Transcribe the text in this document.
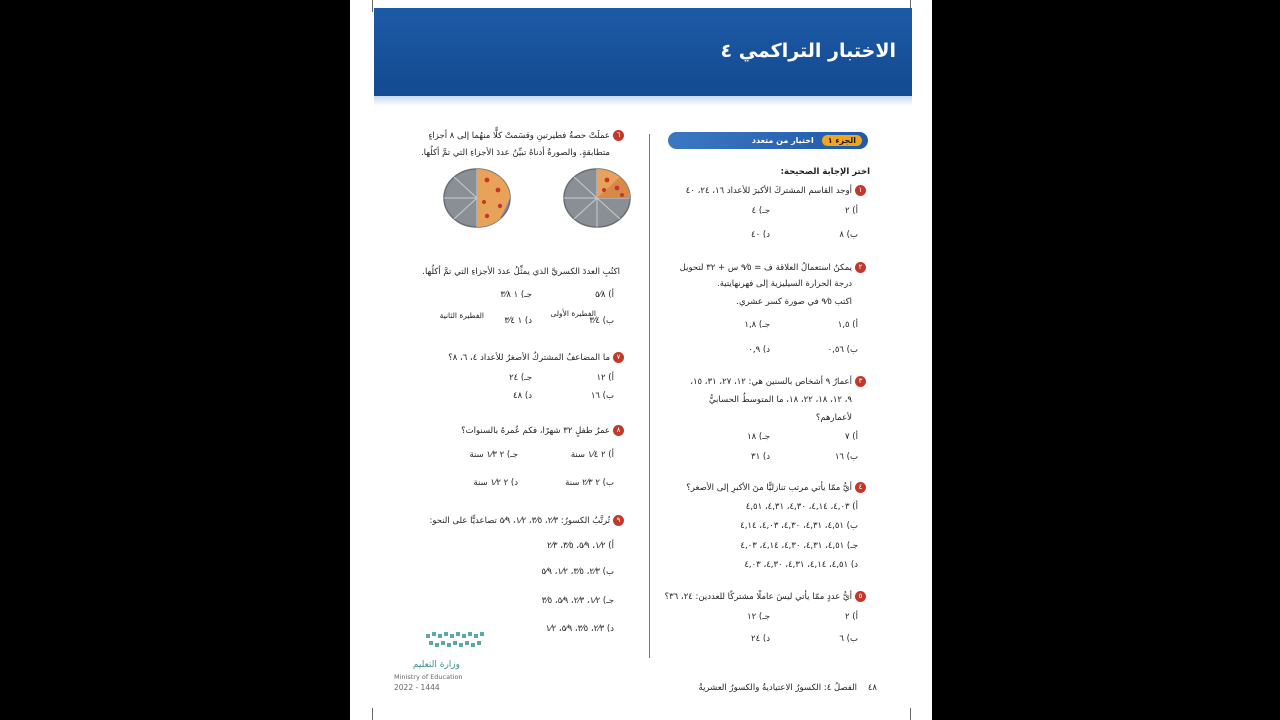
الاختبار التراكمي ٤
الجزء ١
اختيار من متعدد
اختر الإجابة الصحيحة:
١أوجد القاسم المشتركَ الأكبرَ للأعداد ١٦، ٢٤، ٤٠
أ) ٢
جـ) ٤
ب) ٨
د) ٤٠
٢يمكنُ استعمالُ العلاقة ف = ٩⁄٥ س + ٣٢ لتحويل
درجة الحرارة السيليزية إلى فهرنهايتية.
اكتب ٩⁄٥ في صورة كسر عشري.
أ) ١,٥
جـ) ١,٨
ب) ٠,٥٦
د) ٠,٩
٣أعمارُ ٩ أشخاص بالسنين هي: ١٢، ٢٧، ٣١، ١٥،
٩، ١٢، ١٨، ٢٢، ١٨، ما المتوسطُ الحسابيُّ
لأعمارهم؟
أ) ٧
جـ) ١٨
ب) ١٦
د) ٣١
٤أيُّ ممّا يأتي مرتب تنازليًّا منَ الأكبرِ إلى الأصغر؟
أ) ٤,٠٣، ٤,١٤، ٤,٣٠، ٤,٣١، ٤,٥١
ب) ٤,٥١، ٤,٣١، ٤,٣٠، ٤,٠٣، ٤,١٤
جـ) ٤,٥١، ٤,٣١، ٤,٣٠، ٤,١٤، ٤,٠٣
د) ٤,٥١، ٤,١٤، ٤,٣١، ٤,٣٠، ٤,٠٣
٥أيُّ عددٍ ممّا يأتي ليسَ عاملًا مشتركًا للعددين: ٢٤، ٣٦؟
أ) ٢
جـ) ١٢
ب) ٦
د) ٢٤
٦عملَتْ حصةُ فطيرتينِ وقسَمتْ كلًّا منهُما إلى ٨ أجزاءٍ
متطابقةٍ. والصورةُ أدناهُ تبيِّنُ عددَ الأجزاءِ التي تمَّ أكلُها.
اكتُبِ العددَ الكسريَّ الذي يمثِّلُ عددَ الأجزاءِ التي تمَّ أكلُها.
أ) ٥⁄٨
جـ) ١ ٣⁄٨
ب) ٣⁄٤
د) ١ ٣⁄٤
الفطيرة الأولى
الفطيرة الثانية
٧ما المضاعفُ المشتركُ الأصغرُ للأعداد ٤، ٦، ٨؟
أ) ١٢
جـ) ٢٤
ب) ١٦
د) ٤٨
٨عمرُ طفلٍ ٣٢ شهرًا، فكم عُمرهُ بالسنوات؟
أ) ٢ ١⁄٤ سنة
جـ) ٢ ١⁄٣ سنة
ب) ٢ ٢⁄٣ سنة
د) ٢ ١⁄٢ سنة
٩تُرتَّبُ الكسورُ: ٢⁄٣، ٣⁄٥، ١⁄٢، ٥⁄٩ تصاعديًّا على النحو:
أ) ١⁄٢، ٥⁄٩، ٣⁄٥، ٢⁄٣
ب) ٢⁄٣، ٣⁄٥، ١⁄٢، ٥⁄٩
جـ) ١⁄٢، ٢⁄٣، ٥⁄٩، ٣⁄٥
د) ٢⁄٣، ٣⁄٥، ٥⁄٩، ١⁄٢
وزارة التعليم
Ministry of Education
2022 - 1444	٤٨    الفصلُ ٤: الكسورُ الاعتياديةُ والكسورُ العشريةُ
